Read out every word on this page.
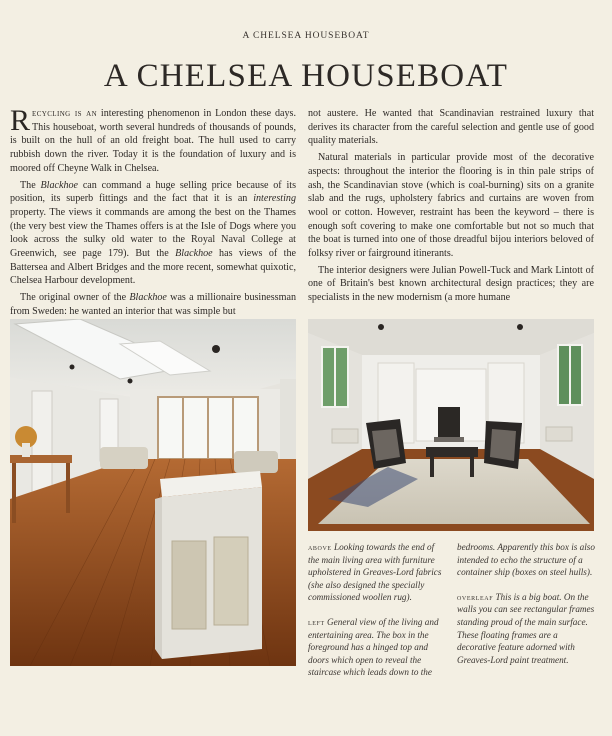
A CHELSEA HOUSEBOAT
A CHELSEA HOUSEBOAT

Recycling is an interesting phenomenon in London these days. This houseboat, worth several hundreds of thousands of pounds, is built on the hull of an old freight boat. The hull used to carry rubbish down the river. Today it is the foundation of luxury and is moored off Cheyne Walk in Chelsea.

The Blackhoe can command a huge selling price because of its position, its superb fittings and the fact that it is an interesting property. The views it commands are among the best on the Thames (the very best view the Thames offers is at the Isle of Dogs where you look across the sulky old water to the Royal Naval College at Greenwich, see page 179). But the Blackhoe has views of the Battersea and Albert Bridges and the more recent, somewhat quixotic, Chelsea Harbour development.

The original owner of the Blackhoe was a millionaire businessman from Sweden: he wanted an interior that was simple but

not austere. He wanted that Scandinavian restrained luxury that derives its character from the careful selection and gentle use of good quality materials.

Natural materials in particular provide most of the decorative aspects: throughout the interior the flooring is in thin pale strips of ash, the Scandinavian stove (which is coal-burning) sits on a granite slab and the rugs, upholstery fabrics and curtains are woven from wool or cotton. However, restraint has been the keyword – there is enough soft covering to make one comfortable but not so much that the boat is turned into one of those dreadful bijou interiors beloved of folksy river or fairground itinerants.

The interior designers were Julian Powell-Tuck and Mark Lintott of one of Britain's best known architectural design practices; they are specialists in the new modernism (a more humane

above Looking towards the end of the main living area with furniture upholstered in Greaves-Lord fabrics (she also designed the specially commissioned woollen rug).
left General view of the living and entertaining area. The box in the foreground has a hinged top and doors which open to reveal the staircase which leads down to the
bedrooms. Apparently this box is also intended to echo the structure of a container ship (boxes on steel hulls).
overleaf This is a big boat. On the walls you can see rectangular frames standing proud of the main surface. These floating frames are a decorative feature adorned with Greaves-Lord paint treatment.
